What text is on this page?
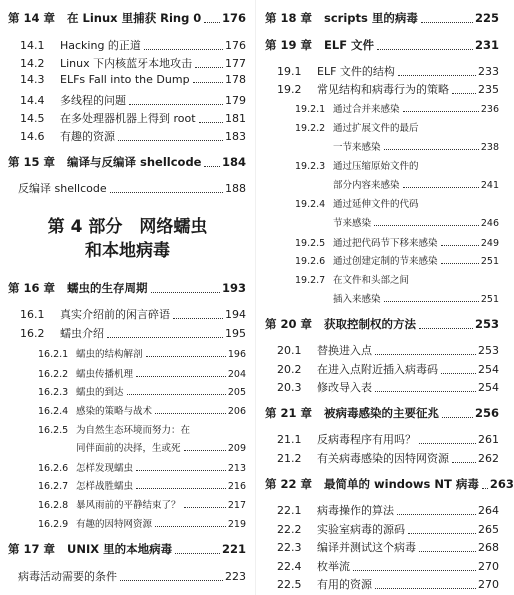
第 4 部分　网络蠕虫
和本地病毒
第 14 章 在 Linux 里捕获 Ring 0 176
14.1	Hacking 的正道	176
14.2	Linux 下内核蓝牙本地攻击	177
14.3	ELFs Fall into the Dump	178
14.4	多线程的问题	179
14.5	在多处理器机器上得到 root	181
14.6	有趣的资源	183
第 15 章 编译与反编译 shellcode 184
反编译 shellcode	188
第 16 章 蠕虫的生存周期	193
16.1	真实介绍前的闲言碎语	194
16.2	蠕虫介绍	195
16.2.1 蠕虫的结构解剖	196
16.2.2 蠕虫传播机理	204
16.2.3 蠕虫的到达	205
16.2.4 感染的策略与战术	206
16.2.5 为自然生态环境而努力：在
同伴面前的决择，生或死	209
16.2.6 怎样发现蠕虫	213
16.2.7 怎样战胜蠕虫	216
16.2.8 暴风雨前的平静结束了？	217
16.2.9 有趣的因特网资源	219
第 17 章 UNIX 里的本地病毒	221
病毒活动需要的条件	223
第 18 章 scripts 里的病毒	225
第 19 章 ELF 文件	231
19.1	ELF 文件的结构	233
19.2	常见结构和病毒行为的策略	235
19.2.1 通过合并来感染	236
19.2.2 通过扩展文件的最后
一节来感染	238
19.2.3 通过压缩原始文件的
部分内容来感染	241
19.2.4 通过延伸文件的代码
节来感染	246
19.2.5 通过把代码节下移来感染	249
19.2.6 通过创建定制的节来感染	251
19.2.7 在文件和头部之间
插入来感染	251
第 20 章 获取控制权的方法	253
20.1	替换进入点	253
20.2	在进入点附近插入病毒码	254
20.3	修改导入表	254
第 21 章 被病毒感染的主要征兆	256
21.1	反病毒程序有用吗？	261
21.2	有关病毒感染的因特网资源	262
第 22 章 最简单的 windows NT 病毒 263
22.1	病毒操作的算法	264
22.2	实验室病毒的源码	265
22.3	编译并测试这个病毒	268
22.4	枚举流	270
22.5	有用的资源	270
